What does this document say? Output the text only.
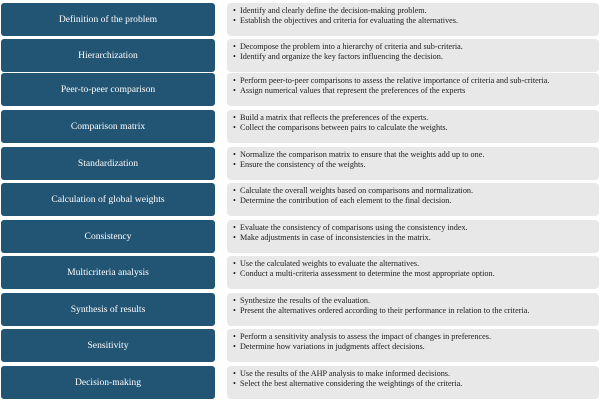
Definition of the problem
• Identify and clearly define the decision-making problem.
• Establish the objectives and criteria for evaluating the alternatives.
Hierarchization
• Decompose the problem into a hierarchy of criteria and sub-criteria.
• Identify and organize the key factors influencing the decision.
Peer-to-peer comparison
• Perform peer-to-peer comparisons to assess the relative importance of criteria and sub-criteria.
• Assign numerical values that represent the preferences of the experts
Comparison matrix
• Build a matrix that reflects the preferences of the experts.
• Collect the comparisons between pairs to calculate the weights.
Standardization
• Normalize the comparison matrix to ensure that the weights add up to one.
• Ensure the consistency of the weights.
Calculation of global weights
• Calculate the overall weights based on comparisons and normalization.
• Determine the contribution of each element to the final decision.
Consistency
• Evaluate the consistency of comparisons using the consistency index.
• Make adjustments in case of inconsistencies in the matrix.
Multicriteria analysis
• Use the calculated weights to evaluate the alternatives.
• Conduct a multi-criteria assessment to determine the most appropriate option.
Synthesis of results
• Synthesize the results of the evaluation.
• Present the alternatives ordered according to their performance in relation to the criteria.
Sensitivity
• Perform a sensitivity analysis to assess the impact of changes in preferences.
• Determine how variations in judgments affect decisions.
Decision-making
• Use the results of the AHP analysis to make informed decisions.
• Select the best alternative considering the weightings of the criteria.
